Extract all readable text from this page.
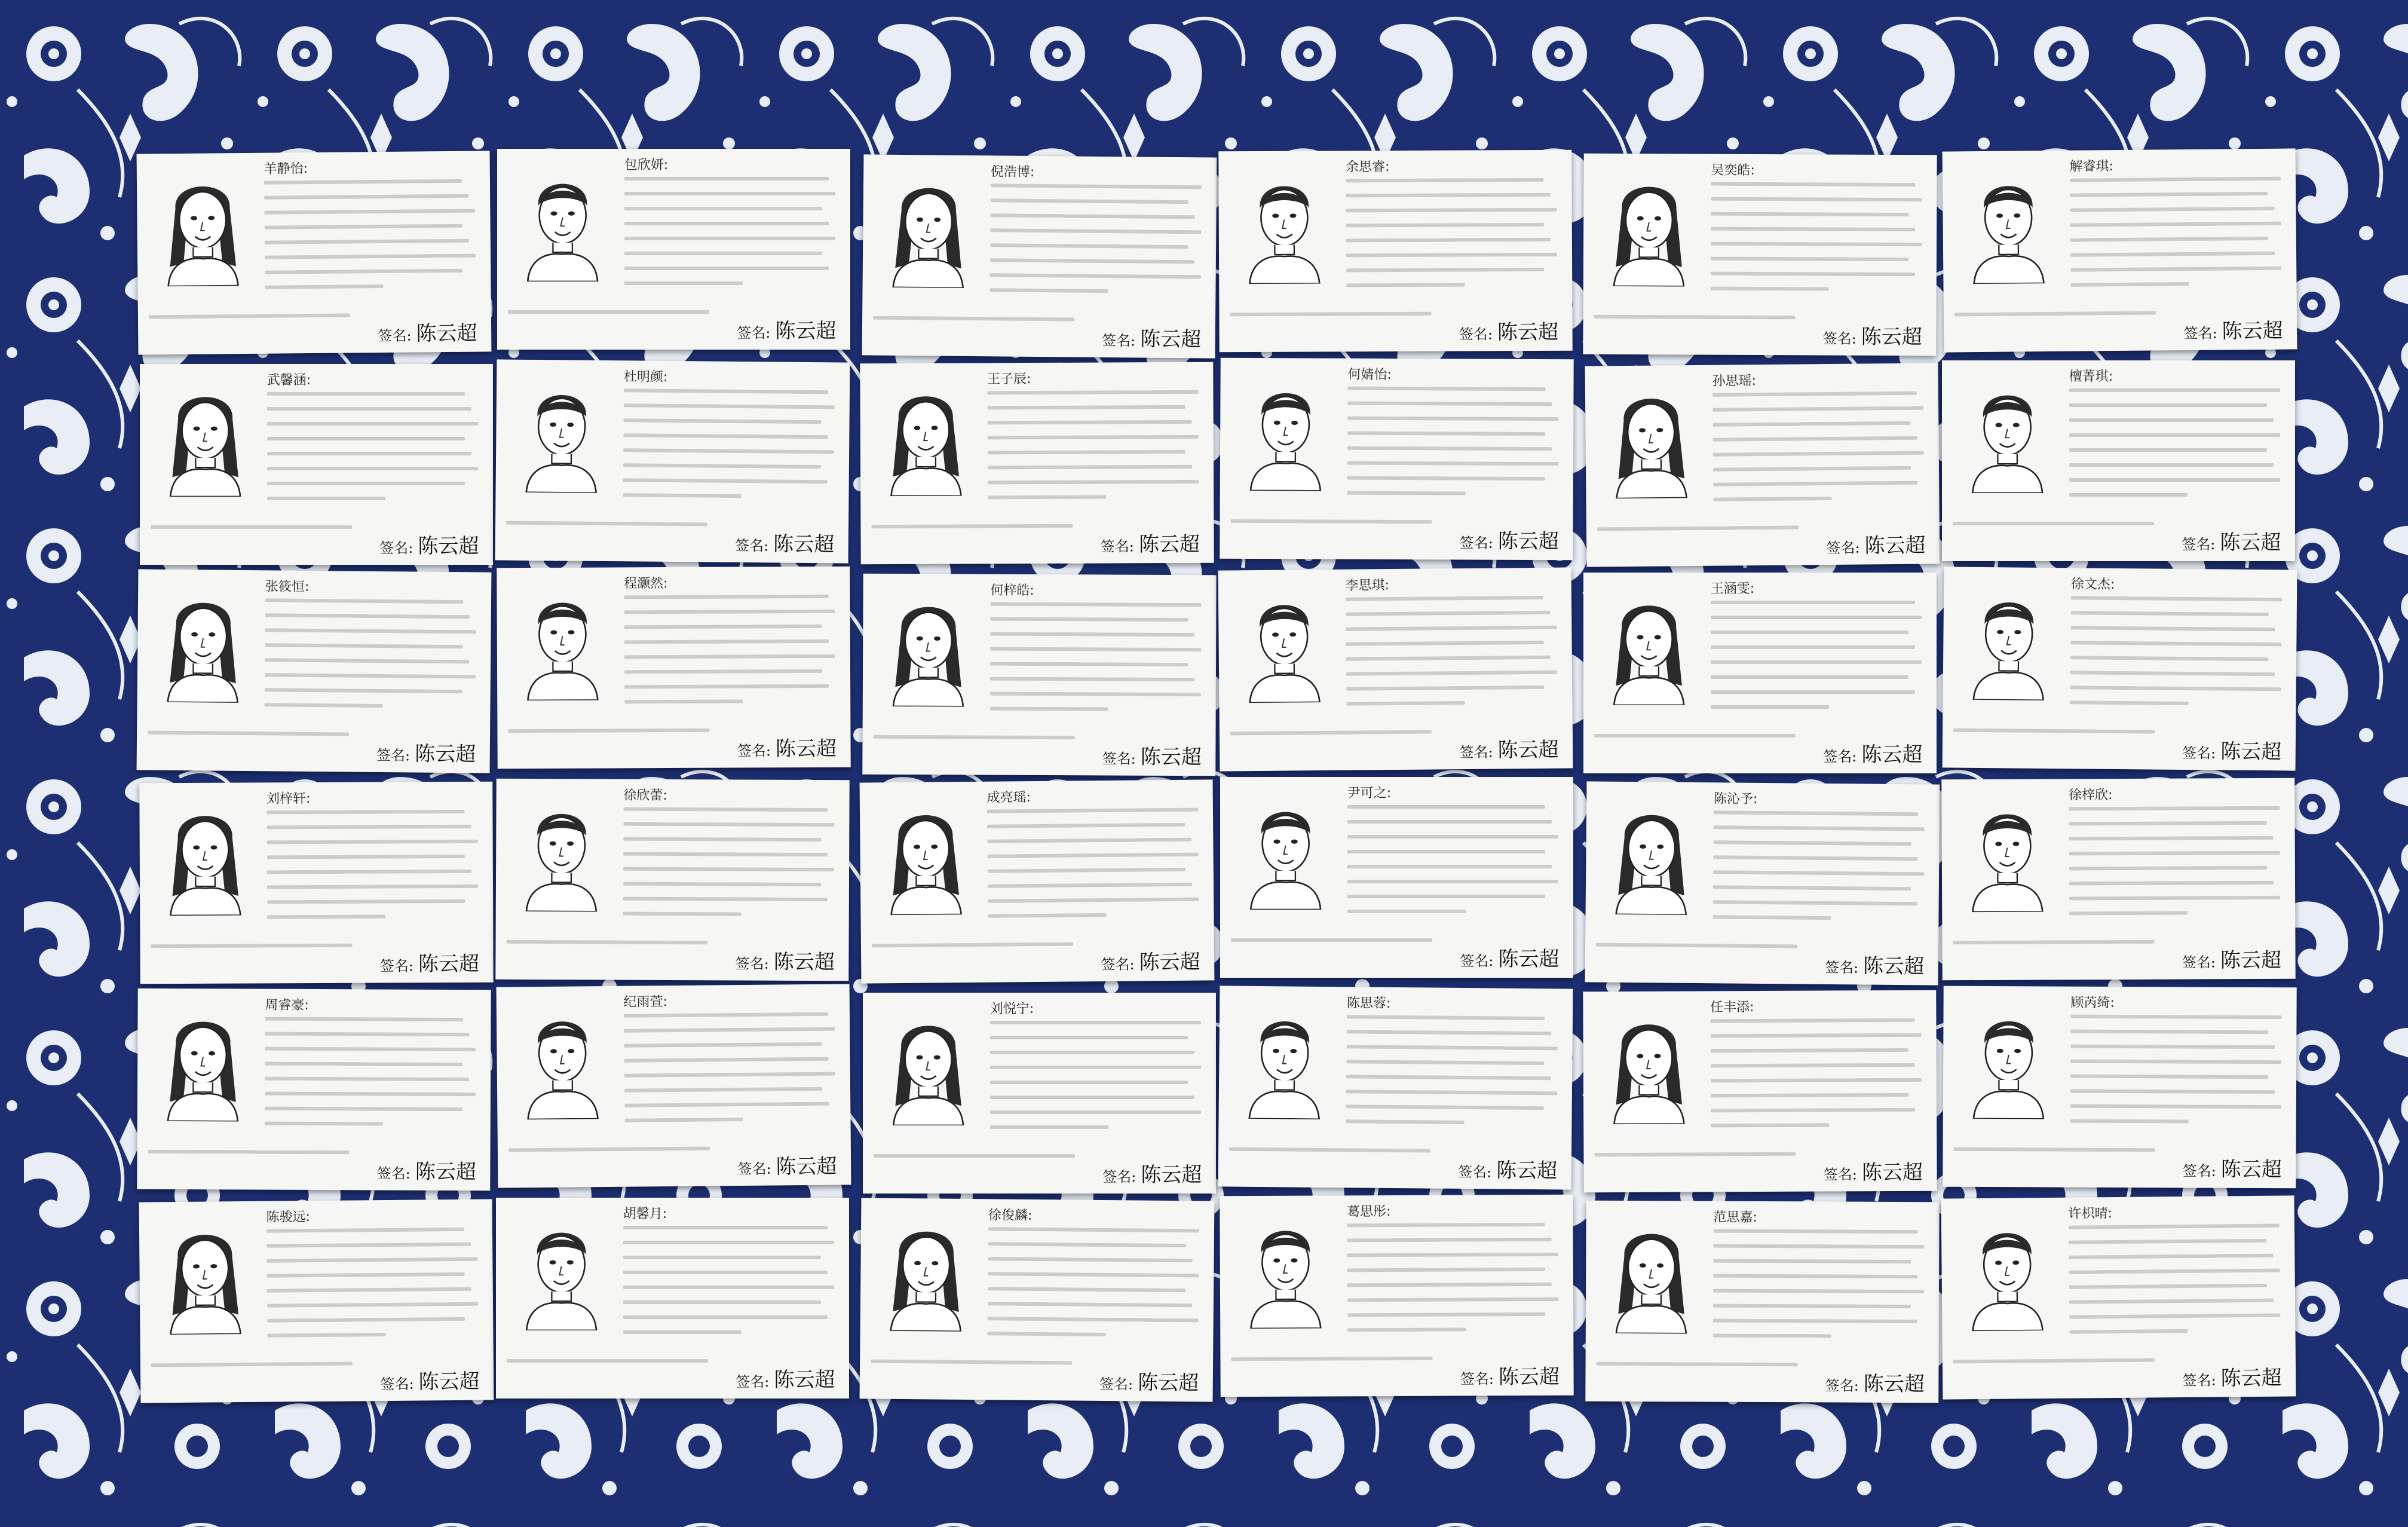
羊静怡:
签名: 陈云超
包欣妍:
签名: 陈云超
倪浩博:
签名: 陈云超
余思睿:
签名: 陈云超
吴奕皓:
签名: 陈云超
解睿琪:
签名: 陈云超
武馨涵:
签名: 陈云超
杜明颜:
签名: 陈云超
王子辰:
签名: 陈云超
何婧怡:
签名: 陈云超
孙思瑶:
签名: 陈云超
檀菁琪:
签名: 陈云超
张筱恒:
签名: 陈云超
程灏然:
签名: 陈云超
何梓皓:
签名: 陈云超
李思琪:
签名: 陈云超
王涵雯:
签名: 陈云超
徐文杰:
签名: 陈云超
刘梓轩:
签名: 陈云超
徐欣蕾:
签名: 陈云超
成亮瑶:
签名: 陈云超
尹可之:
签名: 陈云超
陈沁予:
签名: 陈云超
徐梓欣:
签名: 陈云超
周睿豪:
签名: 陈云超
纪雨萱:
签名: 陈云超
刘悦宁:
签名: 陈云超
陈思蓉:
签名: 陈云超
任丰添:
签名: 陈云超
顾芮绮:
签名: 陈云超
陈骏远:
签名: 陈云超
胡馨月:
签名: 陈云超
徐俊麟:
签名: 陈云超
葛思彤:
签名: 陈云超
范思嘉:
签名: 陈云超
许枳晴:
签名: 陈云超
